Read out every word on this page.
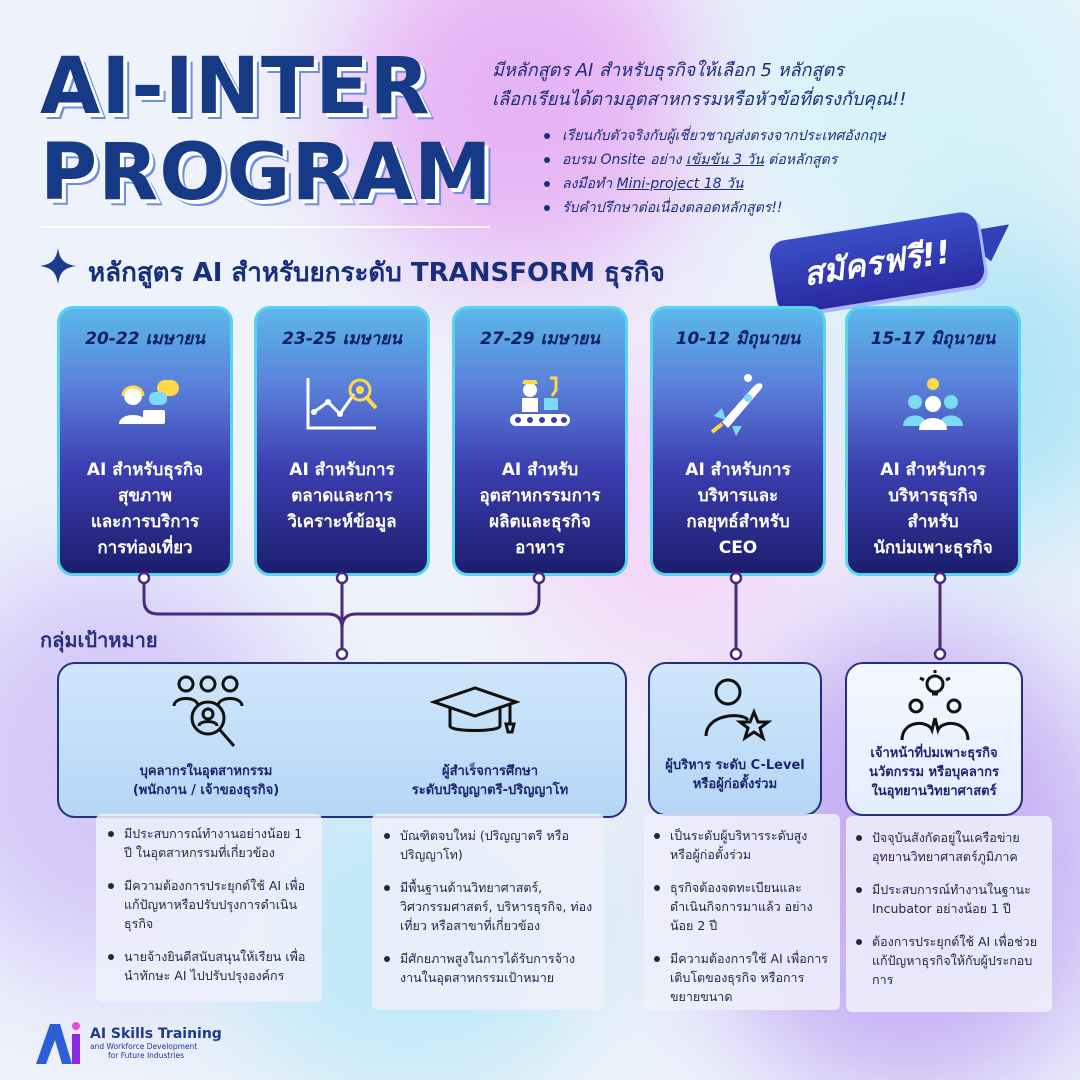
AI-INTER
PROGRAM
มีหลักสูตร AI สำหรับธุรกิจให้เลือก 5 หลักสูตร
เลือกเรียนได้ตามอุตสาหกรรมหรือหัวข้อที่ตรงกับคุณ!!
เรียนกับตัวจริงกับผู้เชี่ยวชาญส่งตรงจากประเทศอังกฤษ
อบรม Onsite อย่าง เข้มข้น 3 วัน ต่อหลักสูตร
ลงมือทำ Mini-project 18 วัน
รับคำปรึกษาต่อเนื่องตลอดหลักสูตร!!
สมัครฟรี!!
หลักสูตร AI สำหรับยกระดับ TRANSFORM ธุรกิจ
20-22 เมษายน
AI สำหรับธุรกิจ
สุขภาพ
และการบริการ
การท่องเที่ยว
23-25 เมษายน
AI สำหรับการ
ตลาดและการ
วิเคราะห์ข้อมูล
27-29 เมษายน
AI สำหรับ
อุตสาหกรรมการ
ผลิตและธุรกิจ
อาหาร
10-12 มิถุนายน
AI สำหรับการ
บริหารและ
กลยุทธ์สำหรับ
CEO
15-17 มิถุนายน
AI สำหรับการ
บริหารธุรกิจ
สำหรับ
นักบ่มเพาะธุรกิจ
กลุ่มเป้าหมาย
บุคลากรในอุตสาหกรรม
(พนักงาน / เจ้าของธุรกิจ)
ผู้สำเร็จการศึกษา
ระดับปริญญาตรี-ปริญญาโท
ผู้บริหาร ระดับ C-Level
หรือผู้ก่อตั้งร่วม
เจ้าหน้าที่บ่มเพาะธุรกิจ
นวัตกรรม หรือบุคลากร
ในอุทยานวิทยาศาสตร์
มีประสบการณ์ทำงานอย่างน้อย 1 ปี ในอุตสาหกรรมที่เกี่ยวข้อง
มีความต้องการประยุกต์ใช้ AI เพื่อแก้ปัญหาหรือปรับปรุงการดำเนินธุรกิจ
นายจ้างยินดีสนับสนุนให้เรียน เพื่อนำทักษะ AI ไปปรับปรุงองค์กร
บัณฑิตจบใหม่ (ปริญญาตรี หรือ ปริญญาโท)
มีพื้นฐานด้านวิทยาศาสตร์, วิศวกรรมศาสตร์, บริหารธุรกิจ, ท่องเที่ยว หรือสาขาที่เกี่ยวข้อง
มีศักยภาพสูงในการได้รับการจ้างงานในอุตสาหกรรมเป้าหมาย
เป็นระดับผู้บริหารระดับสูง หรือผู้ก่อตั้งร่วม
ธุรกิจต้องจดทะเบียนและดำเนินกิจการมาแล้ว อย่างน้อย 2 ปี
มีความต้องการใช้ AI เพื่อการเติบโตของธุรกิจ หรือการขยายขนาด
ปัจจุบันสังกัดอยู่ในเครือข่ายอุทยานวิทยาศาสตร์ภูมิภาค
มีประสบการณ์ทำงานในฐานะ Incubator อย่างน้อย 1 ปี
ต้องการประยุกต์ใช้ AI เพื่อช่วยแก้ปัญหาธุรกิจให้กับผู้ประกอบการ
AI Skills Training
and Workforce Development
for Future Industries
